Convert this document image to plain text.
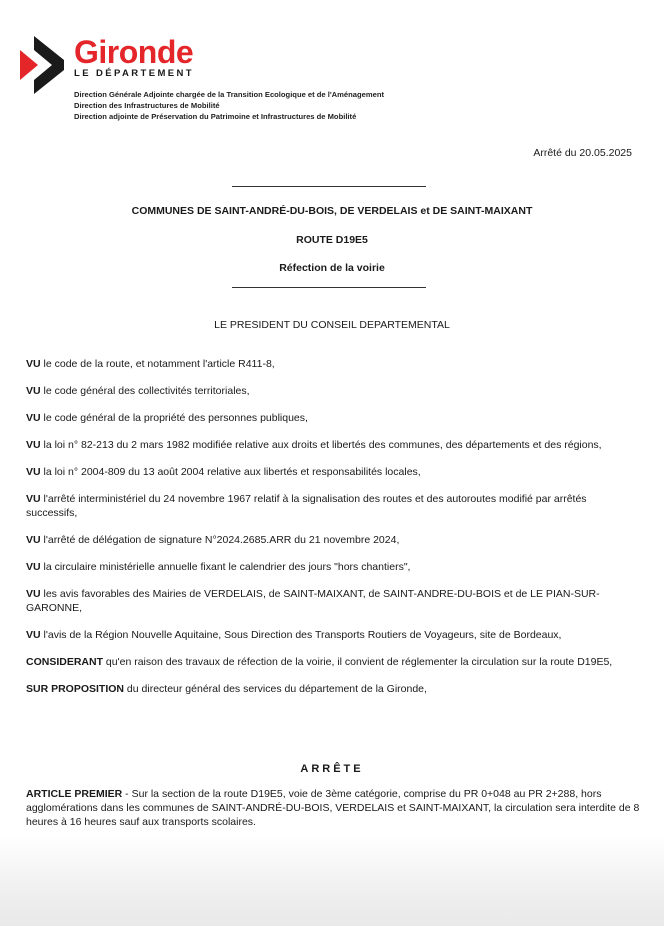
Gironde
LE DÉPARTEMENT
Direction Générale Adjointe chargée de la Transition Ecologique et de l'Aménagement
Direction des Infrastructures de Mobilité
Direction adjointe de Préservation du Patrimoine et Infrastructures de Mobilité
Arrêté du 20.05.2025
COMMUNES DE SAINT-ANDRÉ-DU-BOIS, DE VERDELAIS et DE SAINT-MAIXANT
ROUTE D19E5
Réfection de la voirie
LE PRESIDENT DU CONSEIL DEPARTEMENTAL

VU le code de la route, et notamment l'article R411-8,

VU le code général des collectivités territoriales,

VU le code général de la propriété des personnes publiques,

VU la loi n° 82-213 du 2 mars 1982 modifiée relative aux droits et libertés des communes, des départements et des régions,

VU la loi n° 2004-809 du 13 août 2004 relative aux libertés et responsabilités locales,

VU l'arrêté interministériel du 24 novembre 1967 relatif à la signalisation des routes et des autoroutes modifié par arrêtés successifs,

VU l'arrêté de délégation de signature N°2024.2685.ARR du 21 novembre 2024,

VU la circulaire ministérielle annuelle fixant le calendrier des jours "hors chantiers",

VU les avis favorables des Mairies de VERDELAIS, de SAINT-MAIXANT, de SAINT-ANDRE-DU-BOIS et de LE PIAN-SUR-GARONNE,

VU l'avis de la Région Nouvelle Aquitaine, Sous Direction des Transports Routiers de Voyageurs, site de Bordeaux,

CONSIDERANT qu'en raison des travaux de réfection de la voirie, il convient de réglementer la circulation sur la route D19E5,

SUR PROPOSITION du directeur général des services du département de la Gironde,

ARRÊTE

ARTICLE PREMIER - Sur la section de la route D19E5, voie de 3ème catégorie, comprise du PR 0+048 au PR 2+288, hors agglomérations dans les communes de SAINT-ANDRÉ-DU-BOIS, VERDELAIS et SAINT-MAIXANT, la circulation sera interdite de 8 heures à 16 heures sauf aux transports scolaires.
